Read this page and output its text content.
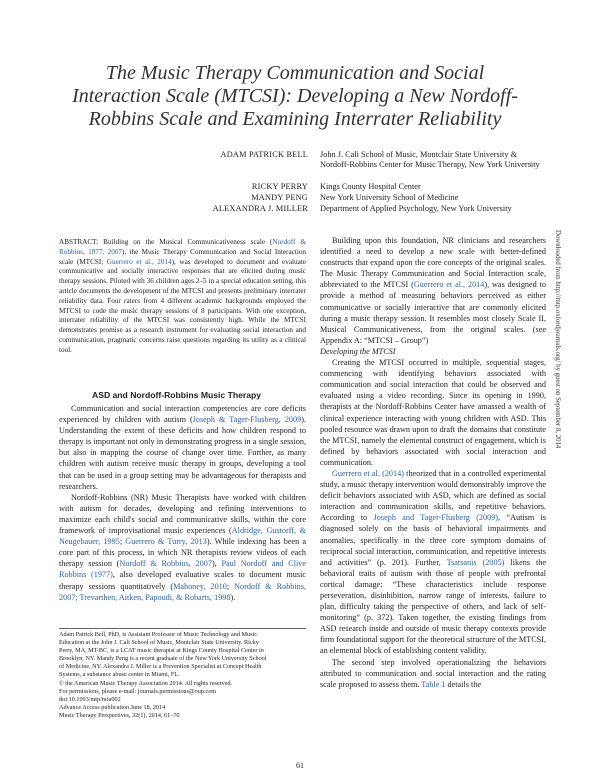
The Music Therapy Communication and Social
Interaction Scale (MTCSI): Developing a New Nordoff-
Robbins Scale and Examining Interrater Reliability
ADAM PATRICK BELL John J. Cali School of Music, Montclair State University & Nordoff-Robbins Center for Music Therapy, New York University
RICKY PERRY Kings County Hospital Center
MANDY PENG New York University School of Medicine
ALEXANDRA J. MILLER Department of Applied Psychology, New York University
ABSTRACT: Building on the Musical Communicativeness scale (Nordoff & Robbins, 1977, 2007), the Music Therapy Communication and Social Interaction scale (MTCSI; Guerrero et al., 2014), was developed to document and evaluate communicative and socially interactive responses that are elicited during music therapy sessions. Piloted with 36 children ages 2–5 in a special education setting, this article documents the development of the MTCSI and presents preliminary interrater reliability data. Four raters from 4 different academic backgrounds employed the MTCSI to code the music therapy sessions of 8 participants. With one exception, interrater reliability of the MTCSI was consistently high. While the MTCSI demonstrates promise as a research instrument for evaluating social interaction and communication, pragmatic concerns raise questions regarding its utility as a clinical tool.
ASD and Nordoff-Robbins Music Therapy

Communication and social interaction competencies are core deficits experienced by children with autism (Joseph & Tager-Flusberg, 2009). Understanding the extent of these deficits and how children respond to therapy is important not only in demonstrating progress in a single session, but also in mapping the course of change over time. Further, as many children with autism receive music therapy in groups, developing a tool that can be used in a group setting may be advantageous for therapists and researchers.

Nordoff-Robbins (NR) Music Therapists have worked with children with autism for decades, developing and refining interventions to maximize each child's social and communicative skills, within the core framework of improvisational music experiences (Aldridge, Gustorff, & Neugebauer, 1995; Guerrero & Turry, 2013). While indexing has been a core part of this process, in which NR therapists review videos of each therapy session (Nordoff & Robbins, 2007), Paul Nordoff and Clive Robbins (1977), also developed evaluative scales to document music therapy sessions quantitatively (Mahoney, 2010; Nordoff & Robbins, 2007; Trevarthen, Aitken, Papoudi, & Robarts, 1998).

Adam Patrick Bell, PhD, is Assistant Professor of Music Technology and Music
Education at the John J. Cali School of Music, Montclair State University. Ricky
Perry, MA, MT-BC, is a LCAT music therapist at Kings County Hospital Center in
Brooklyn, NY. Mandy Peng is a recent graduate of the New York University School
of Medicine, NY. Alexandra J. Miller is a Prevention Specialist at Concept Health
Systems, a substance abuse center in Miami, FL.
© the American Music Therapy Association 2014. All rights reserved.
For permissions, please e-mail: journals.permissions@oup.com
doi:10.1093/mtp/miu002
Advance Access publication June 18, 2014
Music Therapy Perspectives, 32(1), 2014, 61–70

Building upon this foundation, NR clinicians and researchers identified a need to develop a new scale with better-defined constructs that expand upon the core concepts of the original scales. The Music Therapy Communication and Social Interaction scale, abbreviated to the MTCSI (Guerrero et al., 2014), was designed to provide a method of measuring behaviors perceived as either communicative or socially interactive that are commonly elicited during a music therapy session. It resembles most closely Scale II, Musical Communicativeness, from the original scales. (see Appendix A: “MTCSI – Group”)

Developing the MTCSI

Creating the MTCSI occurred in multiple, sequential stages, commencing with identifying behaviors associated with communication and social interaction that could be observed and evaluated using a video recording. Since its opening in 1990, therapists at the Nordoff-Robbins Center have amassed a wealth of clinical experience interacting with young children with ASD. This pooled resource was drawn upon to draft the domains that constitute the MTCSI, namely the elemental construct of engagement, which is defined by behaviors associated with social interaction and communication.

Guerrero et al. (2014) theorized that in a controlled experimental study, a music therapy intervention would demonstrably improve the deficit behaviors associated with ASD, which are defined as social interaction and communication skills, and repetitive behaviors. According to Joseph and Tager-Flusberg (2009), “Autism is diagnosed solely on the basis of behavioral impairments and anomalies, specifically in the three core symptom domains of reciprocal social interaction, communication, and repetitive interests and activities” (p. 201). Further, Tsatsanis (2005) likens the behavioral traits of autism with those of people with prefrontal cortical damage: “These characteristics include response perseveration, disinhibition, narrow range of interests, failure to plan, difficulty taking the perspective of others, and lack of self-monitoring” (p. 372). Taken together, the existing findings from ASD research inside and outside of music therapy contexts provide firm foundational support for the theoretical structure of the MTCSI, an elemental block of establishing content validity.

The second step involved operationalizing the behaviors attributed to communication and social interaction and the rating scale proposed to assess them. Table 1 details the

Downloaded from http://mtp.oxfordjournals.org/ by guest on September 8, 2014
61
